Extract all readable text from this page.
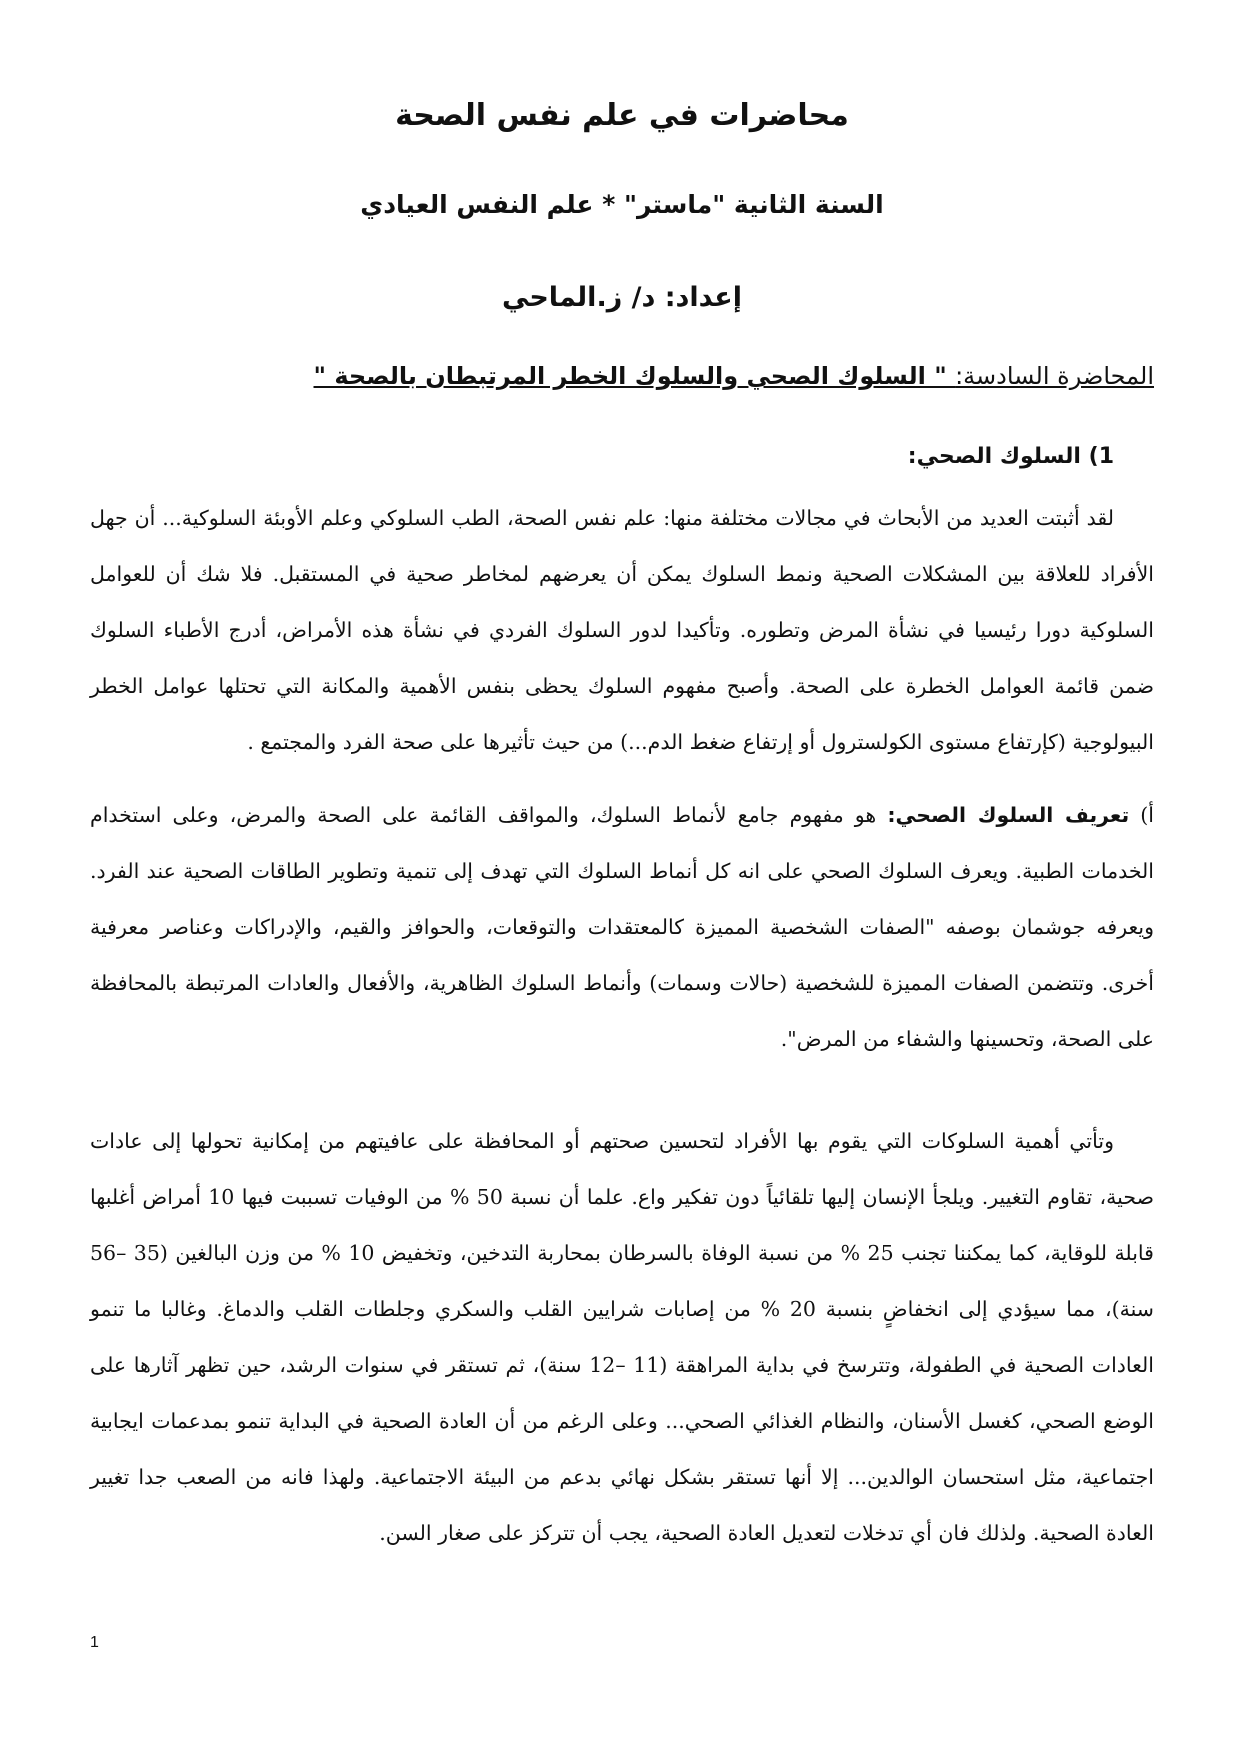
محاضرات في علم نفس الصحة
السنة الثانية "ماستر" * علم النفس العيادي
إعداد: د/ ز.الماحي
المحاضرة السادسة: " السلوك الصحي والسلوك الخطر المرتبطان بالصحة "
1) السلوك الصحي:
لقد أثبتت العديد من الأبحاث في مجالات مختلفة منها: علم نفس الصحة، الطب السلوكي وعلم الأوبئة السلوكية... أن جهل الأفراد للعلاقة بين المشكلات الصحية ونمط السلوك يمكن أن يعرضهم لمخاطر صحية في المستقبل. فلا شك أن للعوامل السلوكية دورا رئيسيا في نشأة المرض وتطوره. وتأكيدا لدور السلوك الفردي في نشأة هذه الأمراض، أدرج الأطباء السلوك ضمن قائمة العوامل الخطرة على الصحة. وأصبح مفهوم السلوك يحظى بنفس الأهمية والمكانة التي تحتلها عوامل الخطر البيولوجية (كإرتفاع مستوى الكولسترول أو إرتفاع ضغط الدم...) من حيث تأثيرها على صحة الفرد والمجتمع .
أ) تعريف السلوك الصحي: هو مفهوم جامع لأنماط السلوك، والمواقف القائمة على الصحة والمرض، وعلى استخدام الخدمات الطبية. ويعرف السلوك الصحي على انه كل أنماط السلوك التي تهدف إلى تنمية وتطوير الطاقات الصحية عند الفرد. ويعرفه جوشمان بوصفه "الصفات الشخصية المميزة كالمعتقدات والتوقعات، والحوافز والقيم، والإدراكات وعناصر معرفية أخرى. وتتضمن الصفات المميزة للشخصية (حالات وسمات) وأنماط السلوك الظاهرية، والأفعال والعادات المرتبطة بالمحافظة على الصحة، وتحسينها والشفاء من المرض".
وتأتي أهمية السلوكات التي يقوم بها الأفراد لتحسين صحتهم أو المحافظة على عافيتهم من إمكانية تحولها إلى عادات صحية، تقاوم التغيير. ويلجأ الإنسان إليها تلقائياً دون تفكير واع. علما أن نسبة 50 % من الوفيات تسببت فيها 10 أمراض أغلبها قابلة للوقاية، كما يمكننا تجنب 25 % من نسبة الوفاة بالسرطان بمحاربة التدخين، وتخفيض 10 % من وزن البالغين (35 –56 سنة)، مما سيؤدي إلى انخفاضٍ بنسبة 20 % من إصابات شرايين القلب والسكري وجلطات القلب والدماغ. وغالبا ما تنمو العادات الصحية في الطفولة، وتترسخ في بداية المراهقة (11 –12 سنة)، ثم تستقر في سنوات الرشد، حين تظهر آثارها على الوضع الصحي، كغسل الأسنان، والنظام الغذائي الصحي... وعلى الرغم من أن العادة الصحية في البداية تنمو بمدعمات ايجابية اجتماعية، مثل استحسان الوالدين... إلا أنها تستقر بشكل نهائي بدعم من البيئة الاجتماعية. ولهذا فانه من الصعب جدا تغيير العادة الصحية. ولذلك فان أي تدخلات لتعديل العادة الصحية، يجب أن تتركز على صغار السن.
1
